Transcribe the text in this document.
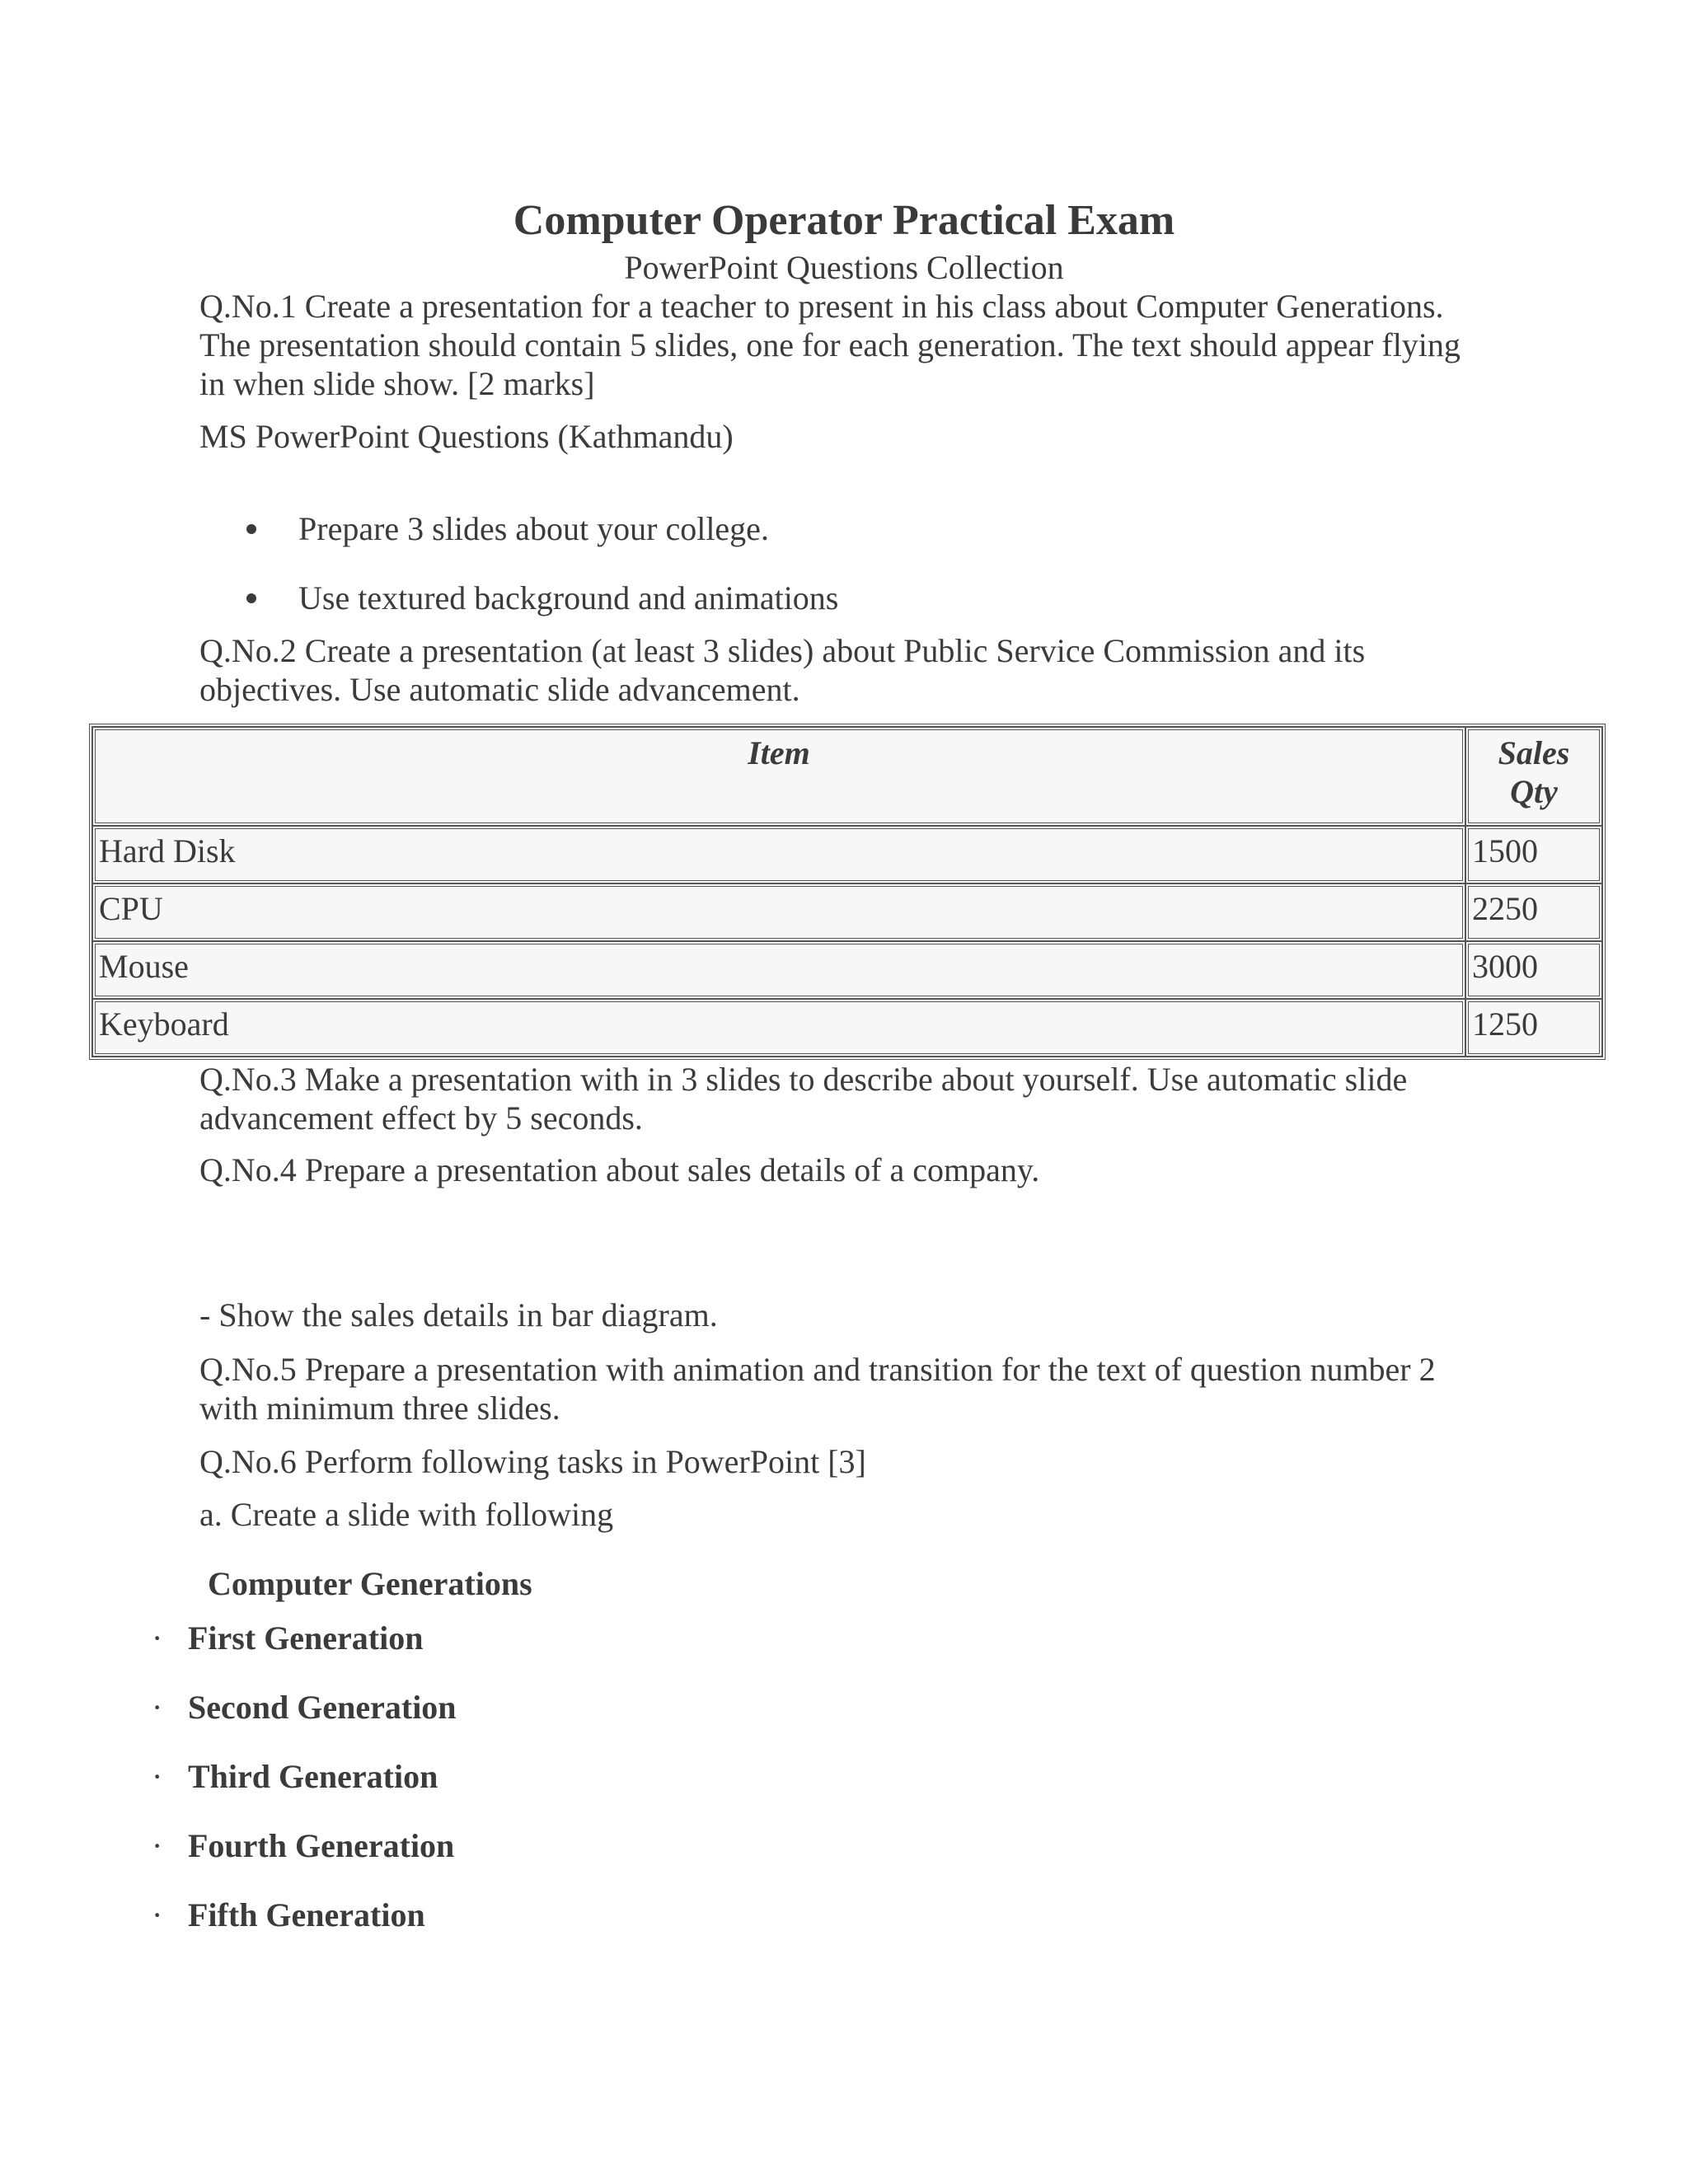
Computer Operator Practical Exam
PowerPoint Questions Collection

Q.No.1 Create a presentation for a teacher to present in his class about Computer Generations. The presentation should contain 5 slides, one for each generation. The text should appear flying in when slide show. [2 marks]

MS PowerPoint Questions (Kathmandu)

Prepare 3 slides about your college.
Use textured background and animations

Q.No.2 Create a presentation (at least 3 slides) about Public Service Commission and its objectives. Use automatic slide advancement.

Item	Sales Qty
Hard Disk	1500
CPU	2250
Mouse	3000
Keyboard	1250

Q.No.3 Make a presentation with in 3 slides to describe about yourself. Use automatic slide advancement effect by 5 seconds.

Q.No.4 Prepare a presentation about sales details of a company.

- Show the sales details in bar diagram.

Q.No.5 Prepare a presentation with animation and transition for the text of question number 2 with minimum three slides.

Q.No.6 Perform following tasks in PowerPoint [3]

a. Create a slide with following

Computer Generations
· First Generation
· Second Generation
· Third Generation
· Fourth Generation
· Fifth Generation
